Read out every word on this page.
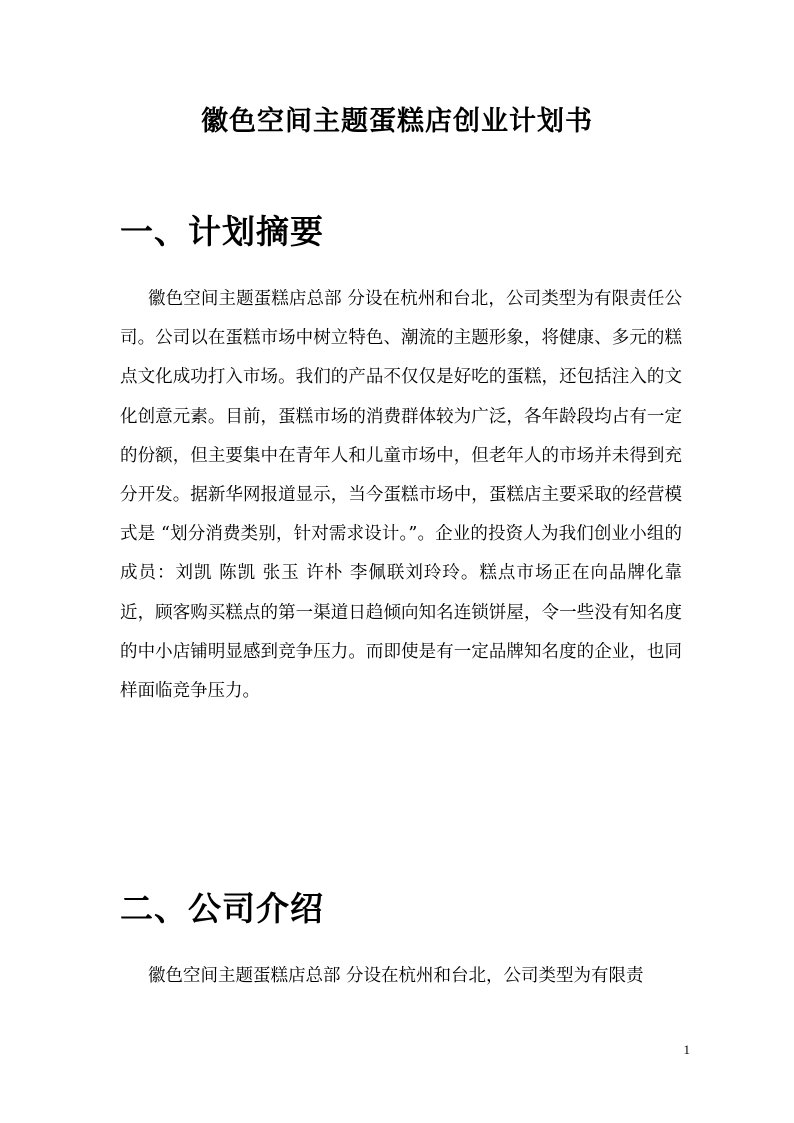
徽色空间主题蛋糕店创业计划书
一、计划摘要

徽色空间主题蛋糕店总部 分设在杭州和台北，公司类型为有限责任公司。公司以在蛋糕市场中树立特色、潮流的主题形象，将健康、多元的糕点文化成功打入市场。我们的产品不仅仅是好吃的蛋糕，还包括注入的文化创意元素。目前，蛋糕市场的消费群体较为广泛，各年龄段均占有一定的份额，但主要集中在青年人和儿童市场中，但老年人的市场并未得到充分开发。据新华网报道显示，当今蛋糕市场中，蛋糕店主要采取的经营模式是 “划分消费类别，针对需求设计。”。企业的投资人为我们创业小组的成员：刘凯 陈凯 张玉 许朴 李佩联刘玲玲。糕点市场正在向品牌化靠近，顾客购买糕点的第一渠道日趋倾向知名连锁饼屋，令一些没有知名度的中小店铺明显感到竞争压力。而即使是有一定品牌知名度的企业，也同样面临竞争压力。

二、公司介绍

徽色空间主题蛋糕店总部 分设在杭州和台北，公司类型为有限责

1
